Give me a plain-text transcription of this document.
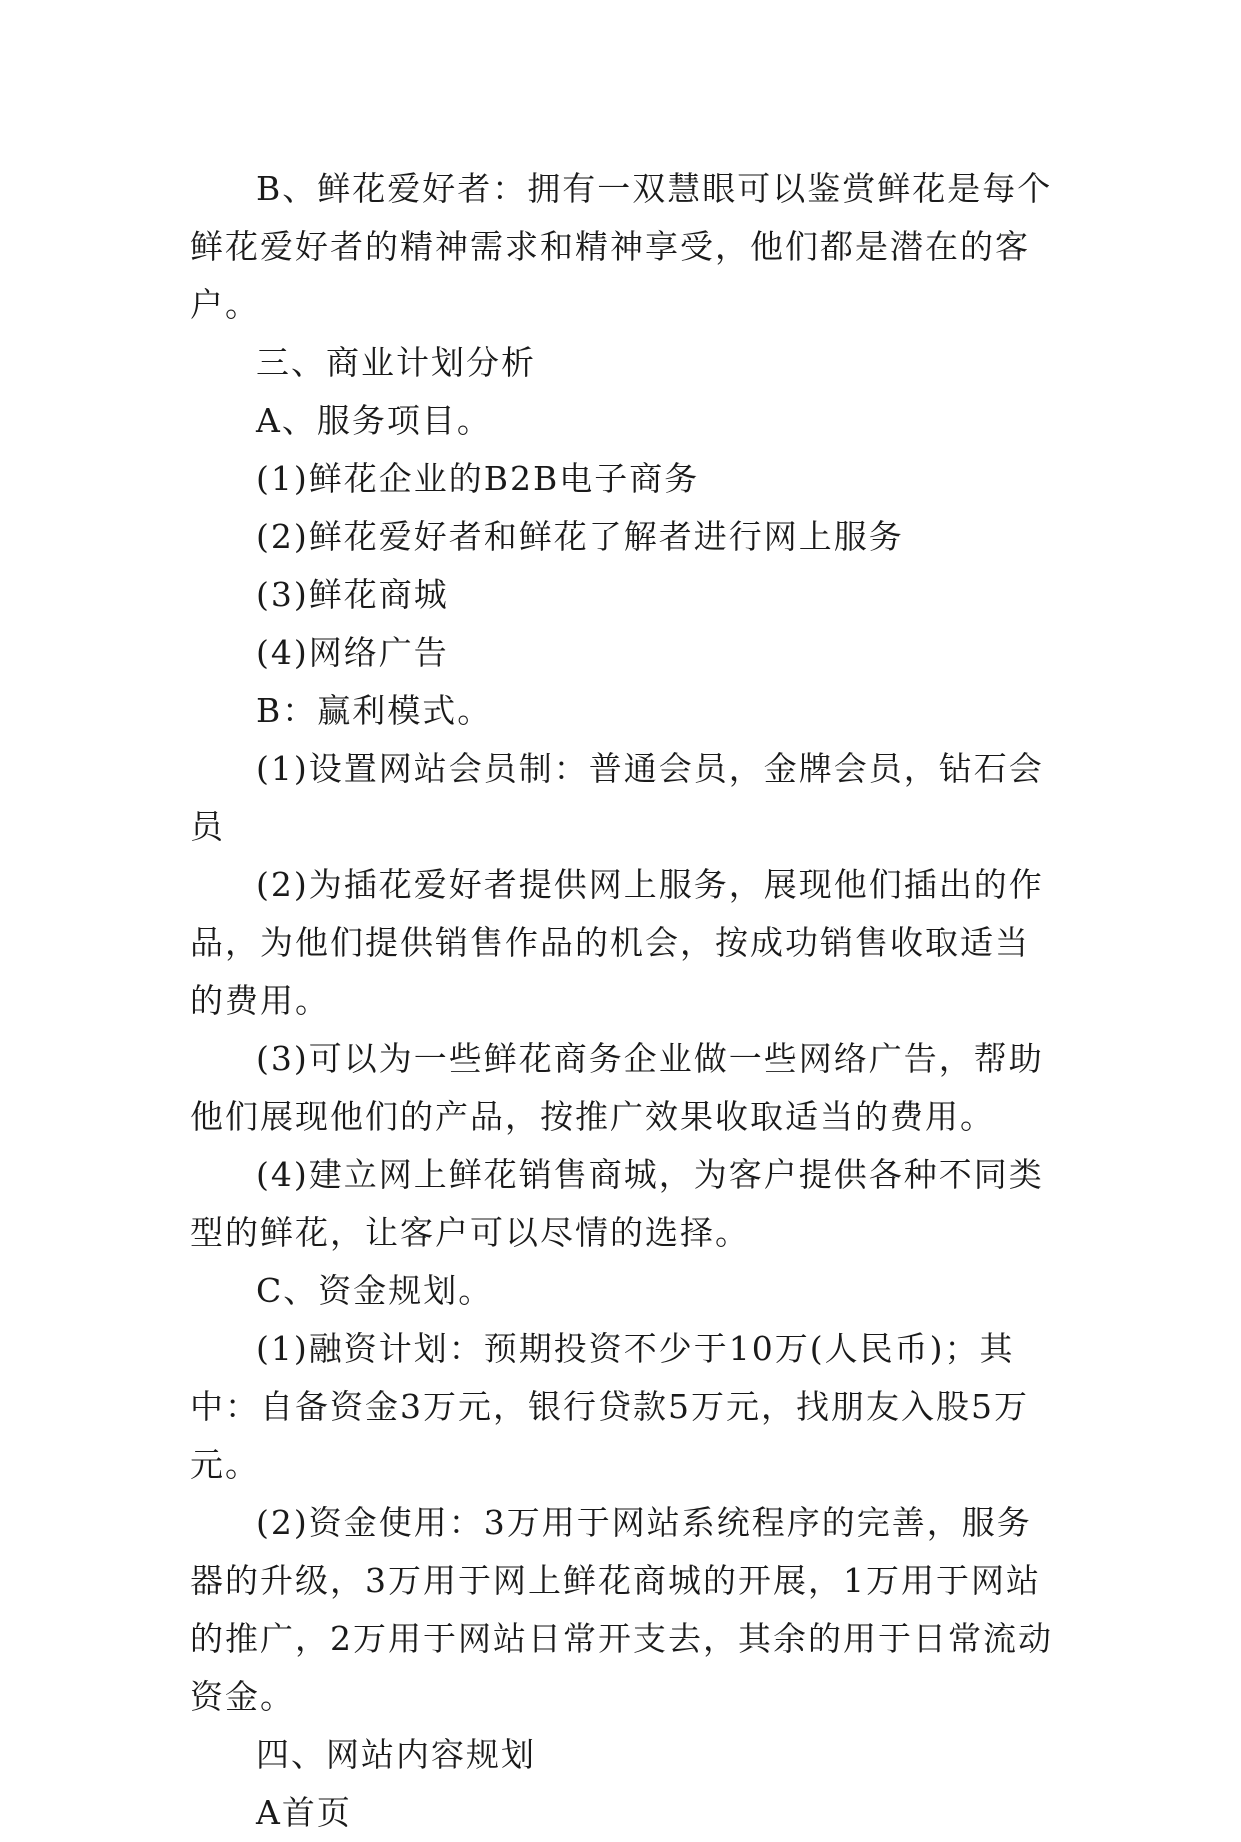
B、鲜花爱好者：拥有一双慧眼可以鉴赏鲜花是每个鲜花爱好者的精神需求和精神享受，他们都是潜在的客户。

三、商业计划分析

A、服务项目。

(1)鲜花企业的B2B电子商务

(2)鲜花爱好者和鲜花了解者进行网上服务

(3)鲜花商城

(4)网络广告

B：赢利模式。

(1)设置网站会员制：普通会员，金牌会员，钻石会员

(2)为插花爱好者提供网上服务，展现他们插出的作品，为他们提供销售作品的机会，按成功销售收取适当的费用。

(3)可以为一些鲜花商务企业做一些网络广告，帮助他们展现他们的产品，按推广效果收取适当的费用。

(4)建立网上鲜花销售商城，为客户提供各种不同类型的鲜花，让客户可以尽情的选择。

C、资金规划。

(1)融资计划：预期投资不少于10万(人民币)；其中：自备资金3万元，银行贷款5万元，找朋友入股5万元。

(2)资金使用：3万用于网站系统程序的完善，服务器的升级，3万用于网上鲜花商城的开展，1万用于网站的推广，2万用于网站日常开支去，其余的用于日常流动资金。

四、网站内容规划

A首页
